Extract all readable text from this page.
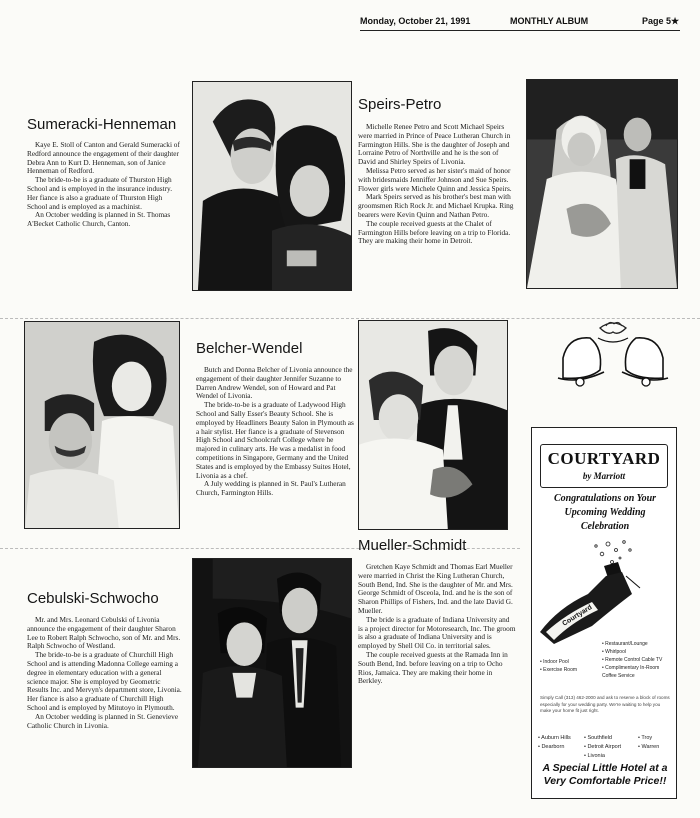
Monday, October 21, 1991	MONTHLY ALBUM	Page 5★
Sumeracki-Henneman

Kaye E. Stoll of Canton and Gerald Sumeracki of Redford announce the engagement of their daughter Debra Ann to Kurt D. Henneman, son of Janice Henneman of Redford.

The bride-to-be is a graduate of Thurston High School and is employed in the insurance industry. Her fiance is also a graduate of Thurston High School and is employed as a machinist.

An October wedding is planned in St. Thomas A'Becket Catholic Church, Canton.

Speirs-Petro

Michelle Renee Petro and Scott Michael Speirs were married in Prince of Peace Lutheran Church in Farmington Hills. She is the daughter of Joseph and Lorraine Petro of Northville and he is the son of David and Shirley Speirs of Livonia.

Melissa Petro served as her sister's maid of honor with bridesmaids Jenniffer Johnson and Sue Speirs. Flower girls were Michele Quinn and Jessica Speirs.

Mark Speirs served as his brother's best man with groomsmen Rich Rock Jr. and Michael Krupka. Ring bearers were Kevin Quinn and Nathan Petro.

The couple received guests at the Chalet of Farmington Hills before leaving on a trip to Florida. They are making their home in Detroit.

Belcher-Wendel

Butch and Donna Belcher of Livonia announce the engagement of their daughter Jennifer Suzanne to Darren Andrew Wendel, son of Howard and Pat Wendel of Livonia.

The bride-to-be is a graduate of Ladywood High School and Sally Esser's Beauty School. She is employed by Headliners Beauty Salon in Plymouth as a hair stylist. Her fiance is a graduate of Stevenson High School and Schoolcraft College where he majored in culinary arts. He was a medalist in food competitions in Singapore, Germany and the United States and is employed by the Embassy Suites Hotel, Livonia as a chef.

A July wedding is planned in St. Paul's Lutheran Church, Farmington Hills.

Mueller-Schmidt

Gretchen Kaye Schmidt and Thomas Earl Mueller were married in Christ the King Lutheran Church, South Bend, Ind. She is the daughter of Mr. and Mrs. George Schmidt of Osceola, Ind. and he is the son of Sharon Phillips of Fishers, Ind. and the late David G. Mueller.

The bride is a graduate of Indiana University and is a project director for Motoresearch, Inc. The groom is also a graduate of Indiana University and is employed by Shell Oil Co. in territorial sales.

The couple received guests at the Ramada Inn in South Bend, Ind. before leaving on a trip to Ocho Rios, Jamaica. They are making their home in Berkley.

Cebulski-Schwocho

Mr. and Mrs. Leonard Cebulski of Livonia announce the engagement of their daughter Sharon Lee to Robert Ralph Schwocho, son of Mr. and Mrs. Ralph Schwocho of Westland.

The bride-to-be is a graduate of Churchill High School and is attending Madonna College earning a degree in elementary education with a general science major. She is employed by Geometric Results Inc. and Mervyn's department store, Livonia. Her fiance is also a graduate of Churchill High School and is employed by Mitutoyo in Plymouth.

An October wedding is planned in St. Genevieve Catholic Church in Livonia.

COURTYARD
by Marriott
Congratulations on Your
Upcoming Wedding
Celebration
Courtyard
• Indoor Pool
• Exercise Room
• Restaurant/Lounge
• Whirlpool
• Remote Control Cable TV
• Complimentary In-Room Coffee Service
Simply Call (313) 462-2000 and ask to reserve a block of rooms especially for your wedding party. We're waiting to help you make your home fit just right.
• Auburn Hills
• Dearborn
• Southfield
• Detroit Airport
• Livonia
• Troy
• Warren
A Special Little Hotel at a
Very Comfortable Price!!
